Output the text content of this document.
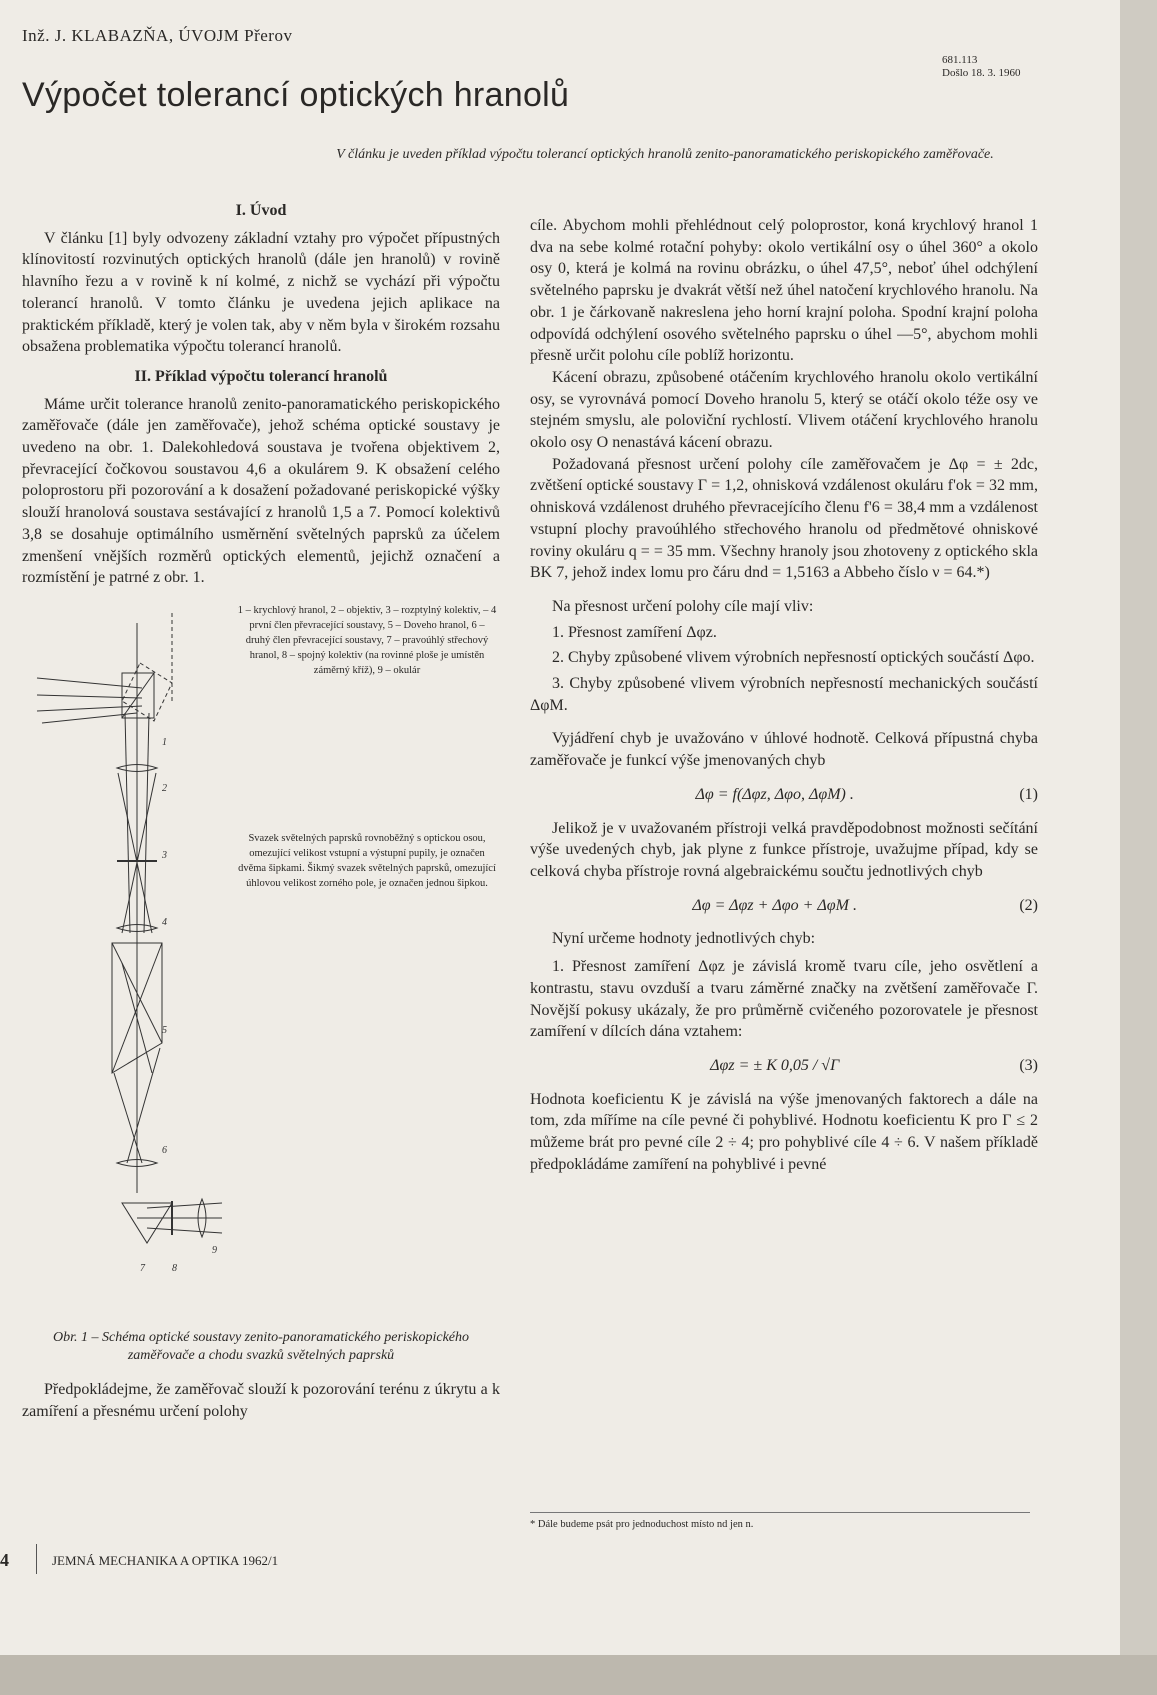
Inž. J. KLABAZŇA, ÚVOJM Přerov
681.113
Došlo 18. 3. 1960
Výpočet tolerancí optických hranolů
V článku je uveden příklad výpočtu tolerancí optických hranolů zenito-panoramatického periskopického zaměřovače.
I. Úvod

V článku [1] byly odvozeny základní vztahy pro výpočet přípustných klínovitostí rozvinutých optických hranolů (dále jen hranolů) v rovině hlavního řezu a v rovině k ní kolmé, z nichž se vychází při výpočtu tolerancí hranolů. V tomto článku je uvedena jejich aplikace na praktickém příkladě, který je volen tak, aby v něm byla v širokém rozsahu obsažena problematika výpočtu tolerancí hranolů.

II. Příklad výpočtu tolerancí hranolů

Máme určit tolerance hranolů zenito-panoramatického periskopického zaměřovače (dále jen zaměřovače), jehož schéma optické soustavy je uvedeno na obr. 1. Dalekohledová soustava je tvořena objektivem 2, převracející čočkovou soustavou 4,6 a okulárem 9. K obsažení celého poloprostoru při pozorování a k dosažení požadované periskopické výšky slouží hranolová soustava sestávající z hranolů 1,5 a 7. Pomocí kolektivů 3,8 se dosahuje optimálního usměrnění světelných paprsků za účelem zmenšení vnějších rozměrů optických elementů, jejichž označení a rozmístění je patrné z obr. 1.

1
2
3
4
5
6
7	8
9
1 – krychlový hranol, 2 – objektiv, 3 – rozptylný kolektiv, – 4 první člen převracející soustavy, 5 – Doveho hranol, 6 – druhý člen převracející soustavy, 7 – pravoúhlý střechový hranol, 8 – spojný kolektiv (na rovinné ploše je umístěn záměrný kříž), 9 – okulár
Svazek světelných paprsků rovnoběžný s optickou osou, omezující velikost vstupní a výstupní pupily, je označen dvěma šipkami. Šikmý svazek světelných paprsků, omezující úhlovou velikost zorného pole, je označen jednou šipkou.
Obr. 1 – Schéma optické soustavy zenito-panoramatického periskopického zaměřovače a chodu svazků světelných paprsků

Předpokládejme, že zaměřovač slouží k pozorování terénu z úkrytu a k zamíření a přesnému určení polohy

cíle. Abychom mohli přehlédnout celý poloprostor, koná krychlový hranol 1 dva na sebe kolmé rotační pohyby: okolo vertikální osy o úhel 360° a okolo osy 0, která je kolmá na rovinu obrázku, o úhel 47,5°, neboť úhel odchýlení světelného paprsku je dvakrát větší než úhel natočení krychlového hranolu. Na obr. 1 je čárkovaně nakreslena jeho horní krajní poloha. Spodní krajní poloha odpovídá odchýlení osového světelného paprsku o úhel —5°, abychom mohli přesně určit polohu cíle poblíž horizontu.

Kácení obrazu, způsobené otáčením krychlového hranolu okolo vertikální osy, se vyrovnává pomocí Doveho hranolu 5, který se otáčí okolo téže osy ve stejném smyslu, ale poloviční rychlostí. Vlivem otáčení krychlového hranolu okolo osy O nenastává kácení obrazu.

Požadovaná přesnost určení polohy cíle zaměřovačem je Δφ = ± 2dc, zvětšení optické soustavy Γ = 1,2, ohnisková vzdálenost okuláru f'ok = 32 mm, ohnisková vzdálenost druhého převracejícího členu f'6 = 38,4 mm a vzdálenost vstupní plochy pravoúhlého střechového hranolu od předmětové ohniskové roviny okuláru q = = 35 mm. Všechny hranoly jsou zhotoveny z optického skla BK 7, jehož index lomu pro čáru dnd = 1,5163 a Abbeho číslo ν = 64.*)

Na přesnost určení polohy cíle mají vliv:

1. Přesnost zamíření Δφz.

2. Chyby způsobené vlivem výrobních nepřesností optických součástí Δφo.

3. Chyby způsobené vlivem výrobních nepřesností mechanických součástí ΔφM.

Vyjádření chyb je uvažováno v úhlové hodnotě. Celková přípustná chyba zaměřovače je funkcí výše jmenovaných chyb

Δφ = f(Δφz, Δφo, ΔφM) .	(1)

Jelikož je v uvažovaném přístroji velká pravděpodobnost možnosti sečítání výše uvedených chyb, jak plyne z funkce přístroje, uvažujme případ, kdy se celková chyba přístroje rovná algebraickému součtu jednotlivých chyb

Δφ = Δφz + Δφo + ΔφM .	(2)

Nyní určeme hodnoty jednotlivých chyb:

1. Přesnost zamíření Δφz je závislá kromě tvaru cíle, jeho osvětlení a kontrastu, stavu ovzduší a tvaru záměrné značky na zvětšení zaměřovače Γ. Novější pokusy ukázaly, že pro průměrně cvičeného pozorovatele je přesnost zamíření v dílcích dána vztahem:

Δφz = ± K 0,05 / √Γ	(3)

Hodnota koeficientu K je závislá na výše jmenovaných faktorech a dále na tom, zda míříme na cíle pevné či pohyblivé. Hodnotu koeficientu K pro Γ ≤ 2 můžeme brát pro pevné cíle 2 ÷ 4; pro pohyblivé cíle 4 ÷ 6. V našem příkladě předpokládáme zamíření na pohyblivé i pevné

* Dále budeme psát pro jednoduchost místo nd jen n.
4	JEMNÁ MECHANIKA A OPTIKA 1962/1
